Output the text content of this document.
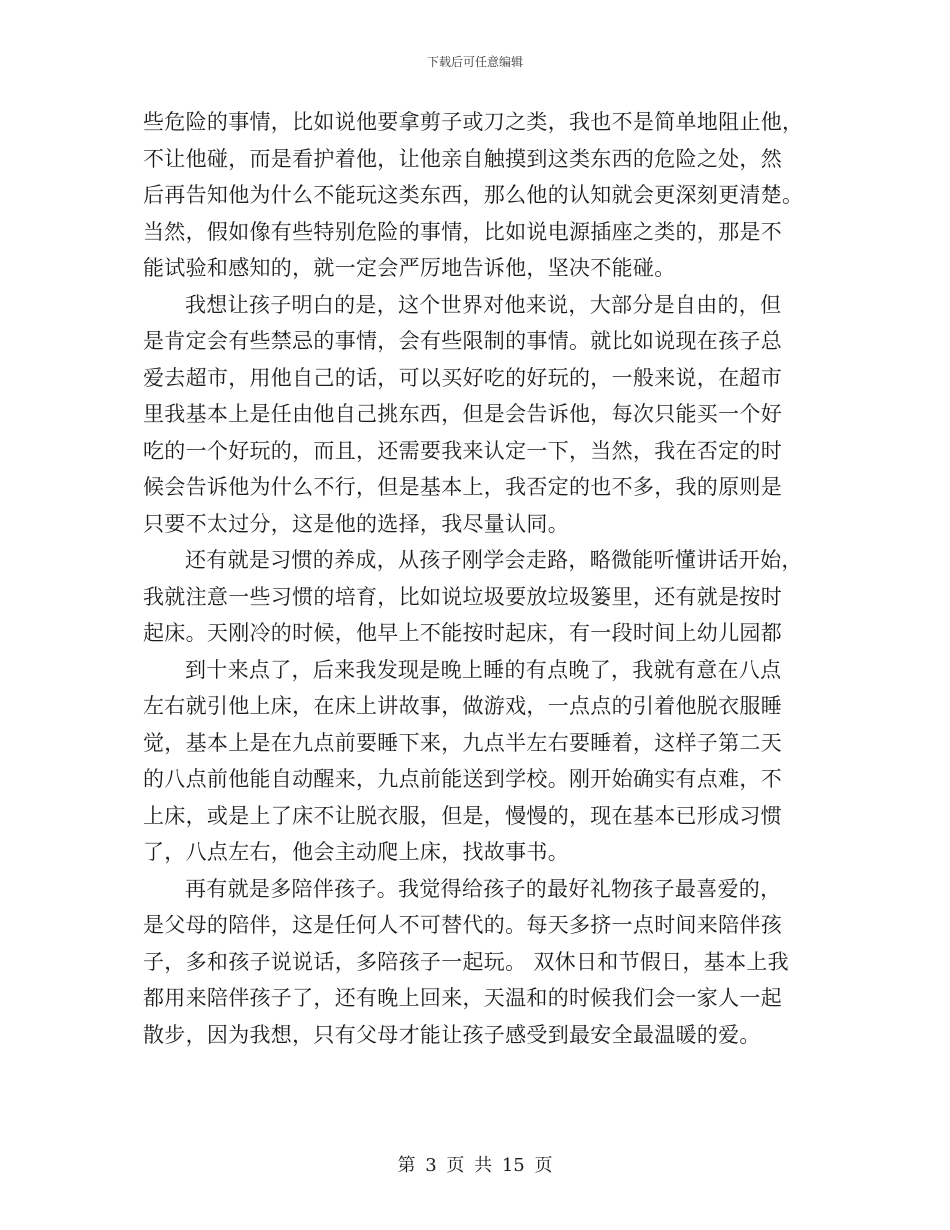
下载后可任意编辑
些危险的事情，比如说他要拿剪子或刀之类，我也不是简单地阻止他，
不让他碰，而是看护着他，让他亲自触摸到这类东西的危险之处，然
后再告知他为什么不能玩这类东西，那么他的认知就会更深刻更清楚。
当然，假如像有些特别危险的事情，比如说电源插座之类的，那是不
能试验和感知的，就一定会严厉地告诉他，坚决不能碰。
我想让孩子明白的是，这个世界对他来说，大部分是自由的，但
是肯定会有些禁忌的事情，会有些限制的事情。就比如说现在孩子总
爱去超市，用他自己的话，可以买好吃的好玩的，一般来说，在超市
里我基本上是任由他自己挑东西，但是会告诉他，每次只能买一个好
吃的一个好玩的，而且，还需要我来认定一下，当然，我在否定的时
候会告诉他为什么不行，但是基本上，我否定的也不多，我的原则是
只要不太过分，这是他的选择，我尽量认同。
还有就是习惯的养成，从孩子刚学会走路，略微能听懂讲话开始，
我就注意一些习惯的培育，比如说垃圾要放垃圾篓里，还有就是按时
起床。天刚冷的时候，他早上不能按时起床，有一段时间上幼儿园都
到十来点了，后来我发现是晚上睡的有点晚了，我就有意在八点
左右就引他上床，在床上讲故事，做游戏，一点点的引着他脱衣服睡
觉，基本上是在九点前要睡下来，九点半左右要睡着，这样子第二天
的八点前他能自动醒来，九点前能送到学校。刚开始确实有点难，不
上床，或是上了床不让脱衣服，但是，慢慢的，现在基本已形成习惯
了，八点左右，他会主动爬上床，找故事书。
再有就是多陪伴孩子。我觉得给孩子的最好礼物孩子最喜爱的，
是父母的陪伴，这是任何人不可替代的。每天多挤一点时间来陪伴孩
子，多和孩子说说话，多陪孩子一起玩。 双休日和节假日，基本上我
都用来陪伴孩子了，还有晚上回来，天温和的时候我们会一家人一起
散步，因为我想，只有父母才能让孩子感受到最安全最温暖的爱。
第 3 页 共 15 页
